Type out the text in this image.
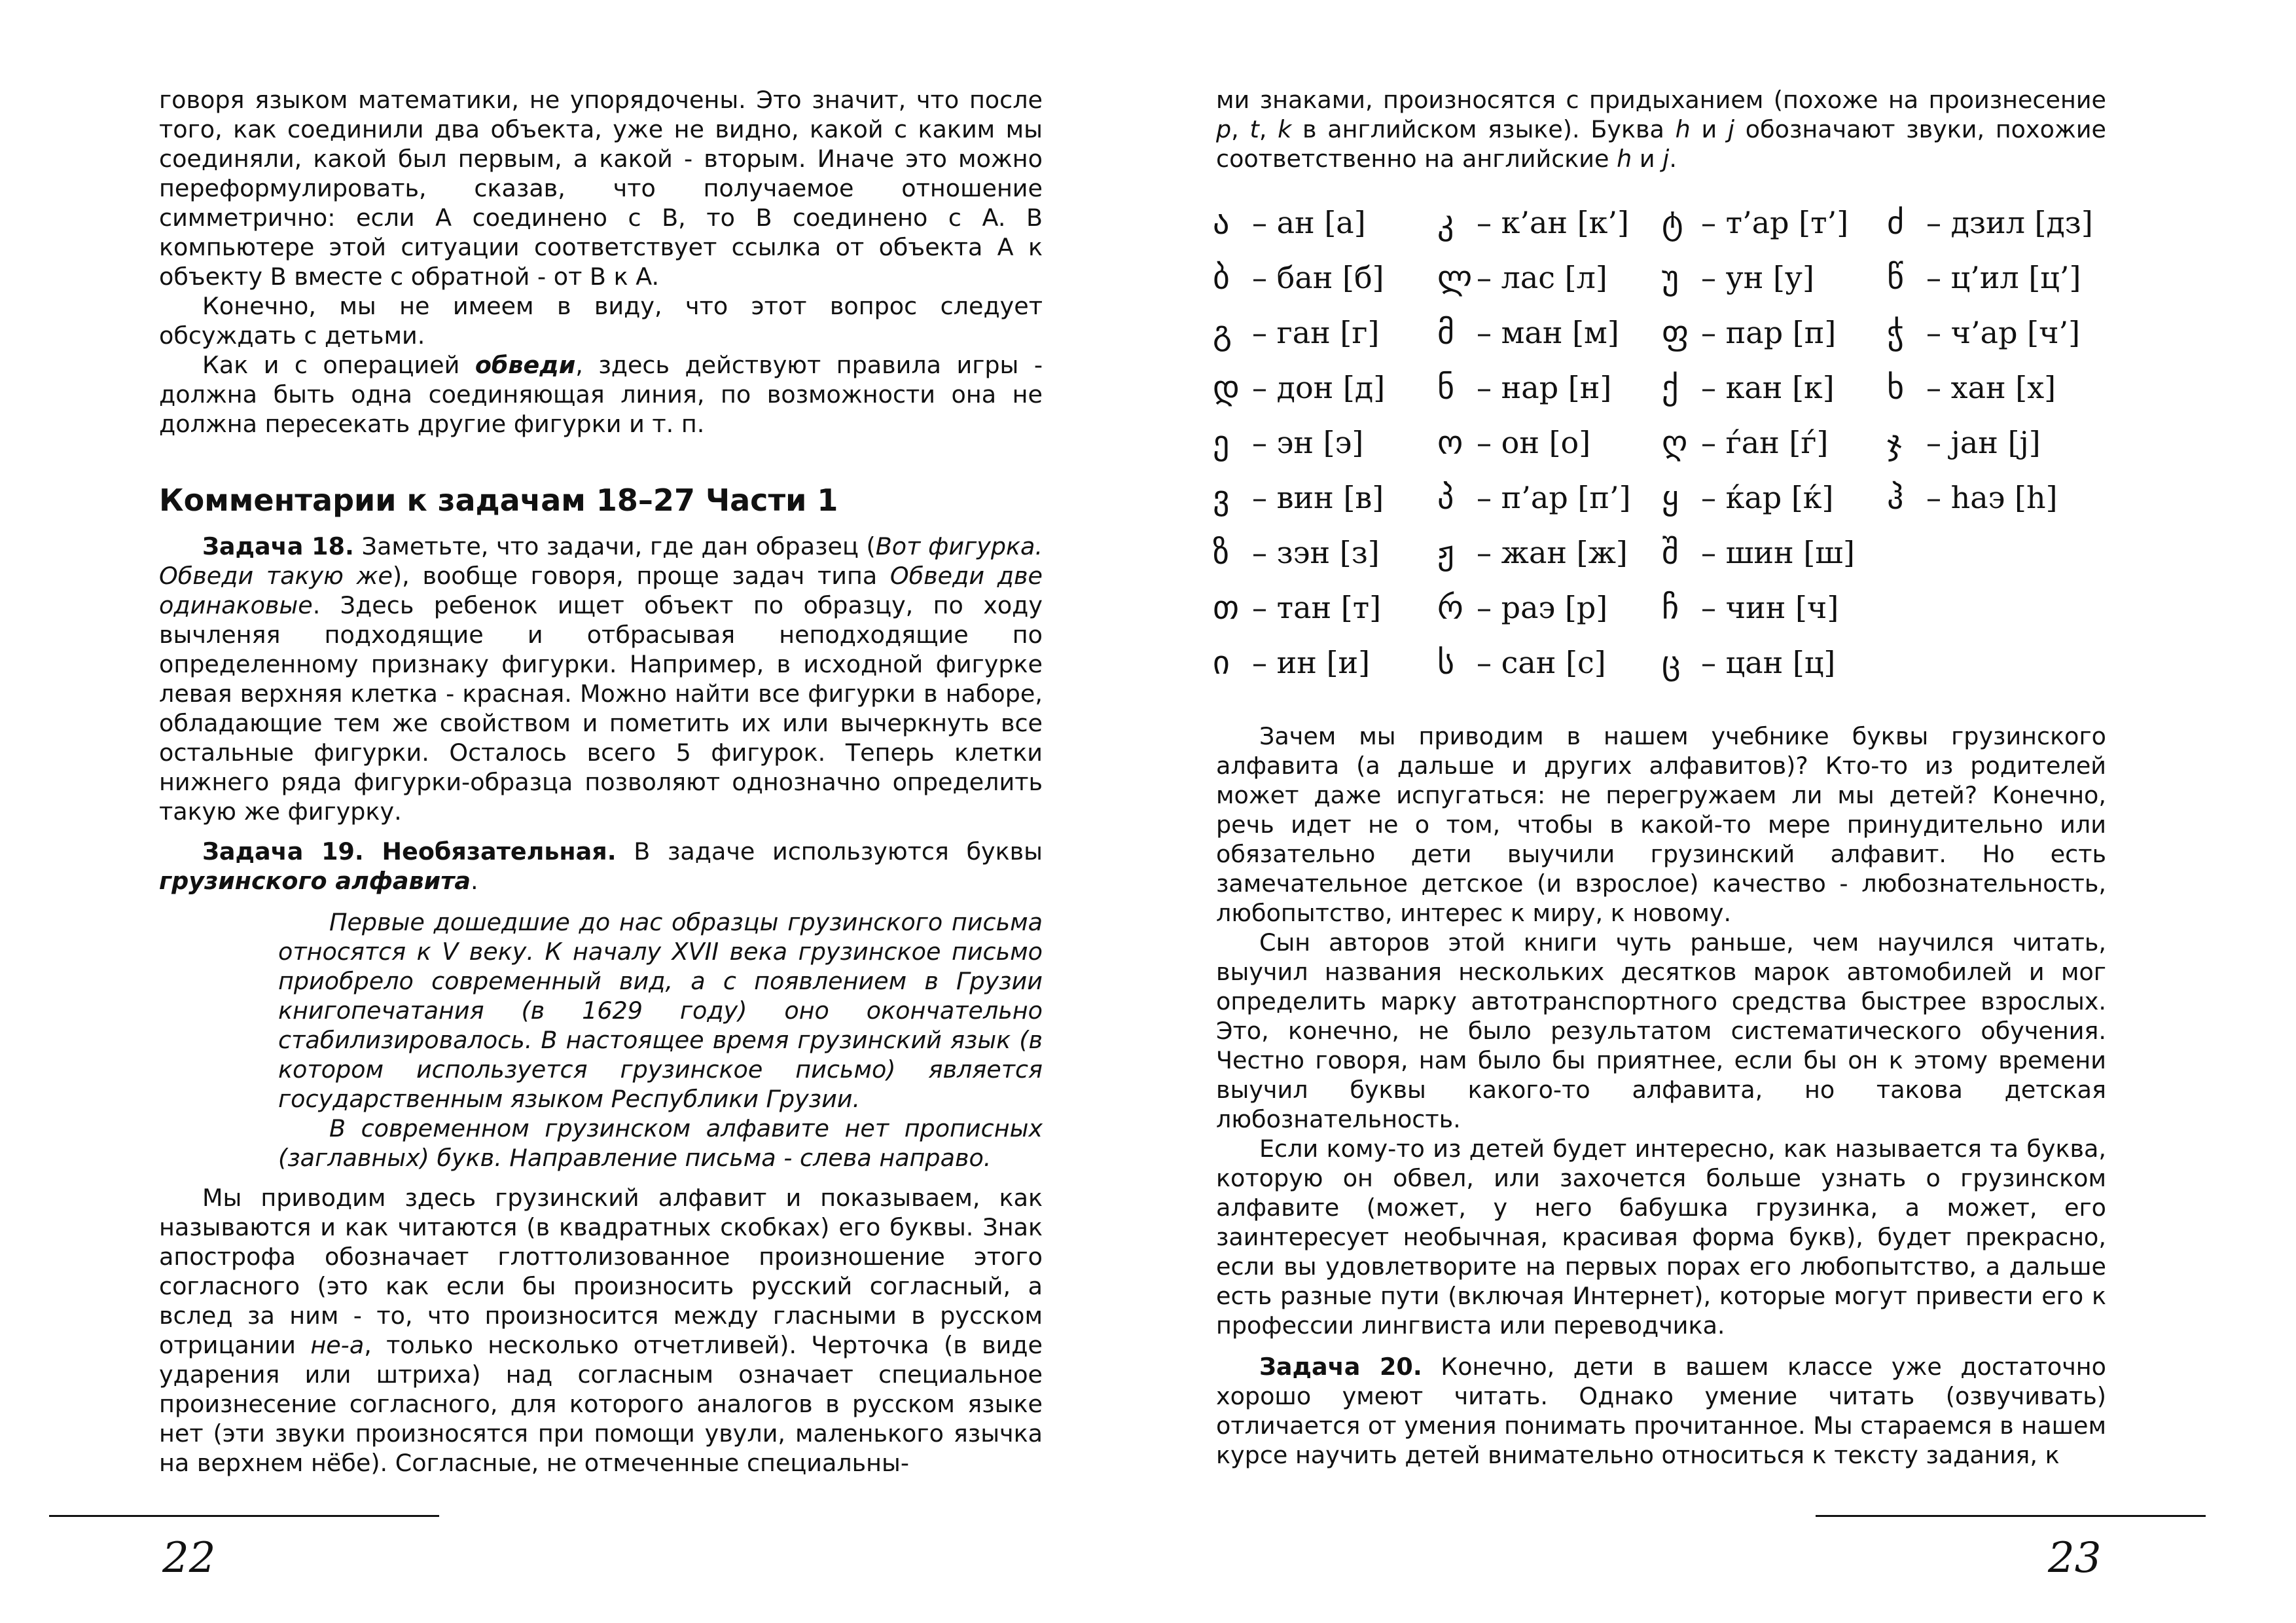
говоря языком математики, не упорядочены. Это значит, что после того, как соединили два объекта, уже не видно, какой с каким мы соединяли, какой был первым, а какой - вторым. Иначе это можно переформулировать, сказав, что получаемое отношение симметрично: если A соединено с B, то B соединено с A. В компьютере этой ситуации соответствует ссылка от объекта A к объекту B вместе с обратной - от B к A.

Конечно, мы не имеем в виду, что этот вопрос следует обсуждать с детьми.

Как и с операцией обведи, здесь действуют правила игры - должна быть одна соединяющая линия, по возможности она не должна пересекать другие фигурки и т. п.

Комментарии к задачам 18–27 Части 1

Задача 18. Заметьте, что задачи, где дан образец (Вот фигурка. Обведи такую же), вообще говоря, проще задач типа Обведи две одинаковые. Здесь ребенок ищет объект по образцу, по ходу вычленяя подходящие и отбрасывая неподходящие по определенному признаку фигурки. Например, в исходной фигурке левая верхняя клетка - красная. Можно найти все фигурки в наборе, обладающие тем же свойством и пометить их или вычеркнуть все остальные фигурки. Осталось всего 5 фигурок. Теперь клетки нижнего ряда фигурки-образца позволяют однозначно определить такую же фигурку.

Задача 19. Необязательная. В задаче используются буквы грузинского алфавита.

Первые дошедшие до нас образцы грузинского письма относятся к V веку. К началу XVII века грузинское письмо приобрело современный вид, а с появлением в Грузии книгопечатания (в 1629 году) оно окончательно стабилизировалось. В настоящее время грузинский язык (в котором используется грузинское письмо) является государственным языком Республики Грузии.

В современном грузинском алфавите нет прописных (заглавных) букв. Направление письма - слева направо.

Мы приводим здесь грузинский алфавит и показываем, как называются и как читаются (в квадратных скобках) его буквы. Знак апострофа обозначает глоттолизованное произношение этого согласного (это как если бы произносить русский согласный, а вслед за ним - то, что произносится между гласными в русском отрицании не-а, только несколько отчетливей). Черточка (в виде ударения или штриха) над согласным означает специальное произнесение согласного, для которого аналогов в русском языке нет (эти звуки произносятся при помощи увули, маленького язычка на верхнем нёбе). Согласные, не отмеченные специальны-

22

ми знаками, произносятся с придыханием (похоже на произнесение p, t, k в английском языке). Буква h и j обозначают звуки, похожие соответственно на английские h и j.

23
ა – ан [а]
ბ – бан [б]
გ – ган [г]
დ – дон [д]
ე – эн [э]
ვ – вин [в]
ზ – зэн [з]
თ – тан [т]
ი – ин [и]
კ – к’ан [к’]
ლ – лас [л]
მ – ман [м]
ნ – нар [н]
ო – он [о]
პ – п’ар [п’]
ჟ – жан [ж]
რ – раэ [р]
ს – сан [с]
ტ – т’ар [т’]
უ – ун [у]
ფ – пар [п]
ქ – кан [к]
ღ – ѓан [ѓ]
ყ – ќар [ќ]
შ – шин [ш]
ჩ – чин [ч]
ც – цан [ц]
ძ – дзил [дз]
წ – ц’ил [ц’]
ჭ – ч’ар [ч’]
ხ – хан [х]
ჯ – јан [ј]
ჰ – hаэ [h]

Зачем мы приводим в нашем учебнике буквы грузинского алфавита (а дальше и других алфавитов)? Кто-то из родителей может даже испугаться: не перегружаем ли мы детей? Конечно, речь идет не о том, чтобы в какой-то мере принудительно или обязательно дети выучили грузинский алфавит. Но есть замечательное детское (и взрослое) качество - любознательность, любопытство, интерес к миру, к новому.

Сын авторов этой книги чуть раньше, чем научился читать, выучил названия нескольких десятков марок автомобилей и мог определить марку автотранспортного средства быстрее взрослых. Это, конечно, не было результатом систематического обучения. Честно говоря, нам было бы приятнее, если бы он к этому времени выучил буквы какого-то алфавита, но такова детская любознательность.

Если кому-то из детей будет интересно, как называется та буква, которую он обвел, или захочется больше узнать о грузинском алфавите (может, у него бабушка грузинка, а может, его заинтересует необычная, красивая форма букв), будет прекрасно, если вы удовлетворите на первых порах его любопытство, а дальше есть разные пути (включая Интернет), которые могут привести его к профессии лингвиста или переводчика.

Задача 20. Конечно, дети в вашем классе уже достаточно хорошо умеют читать. Однако умение читать (озвучивать) отличается от умения понимать прочитанное. Мы стараемся в нашем курсе научить детей внимательно относиться к тексту задания, к
